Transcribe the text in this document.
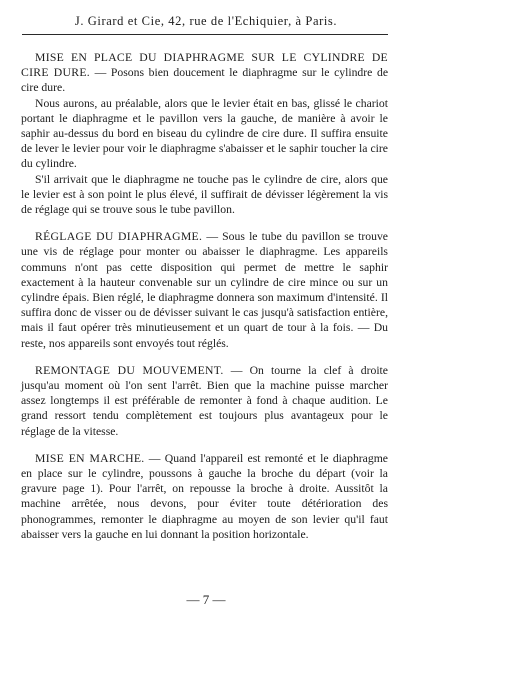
J. Girard et Cie, 42, rue de l'Echiquier, à Paris.

MISE EN PLACE DU DIAPHRAGME SUR LE CYLINDRE DE CIRE DURE. — Posons bien doucement le diaphragme sur le cylindre de cire dure.

Nous aurons, au préalable, alors que le levier était en bas, glissé le chariot portant le diaphragme et le pavillon vers la gauche, de manière à avoir le saphir au-dessus du bord en biseau du cylindre de cire dure. Il suffira ensuite de lever le levier pour voir le diaphragme s'abaisser et le saphir toucher la cire du cylindre.

S'il arrivait que le diaphragme ne touche pas le cylindre de cire, alors que le levier est à son point le plus élevé, il suffirait de dévisser légèrement la vis de réglage qui se trouve sous le tube pavillon.

RÉGLAGE DU DIAPHRAGME. — Sous le tube du pavillon se trouve une vis de réglage pour monter ou abaisser le diaphragme. Les appareils communs n'ont pas cette disposition qui permet de mettre le saphir exactement à la hauteur convenable sur un cylindre de cire mince ou sur un cylindre épais. Bien réglé, le diaphragme donnera son maximum d'intensité. Il suffira donc de visser ou de dévisser suivant le cas jusqu'à satisfaction entière, mais il faut opérer très minutieusement et un quart de tour à la fois. — Du reste, nos appareils sont envoyés tout réglés.

REMONTAGE DU MOUVEMENT. — On tourne la clef à droite jusqu'au moment où l'on sent l'arrêt. Bien que la machine puisse marcher assez longtemps il est préférable de remonter à fond à chaque audition. Le grand ressort tendu complètement est toujours plus avantageux pour le réglage de la vitesse.

MISE EN MARCHE. — Quand l'appareil est remonté et le diaphragme en place sur le cylindre, poussons à gauche la broche du départ (voir la gravure page 1). Pour l'arrêt, on repousse la broche à droite. Aussitôt la machine arrêtée, nous devons, pour éviter toute détérioration des phonogrammes, remonter le diaphragme au moyen de son levier qu'il faut abaisser vers la gauche en lui donnant la position horizontale.

— 7 —
